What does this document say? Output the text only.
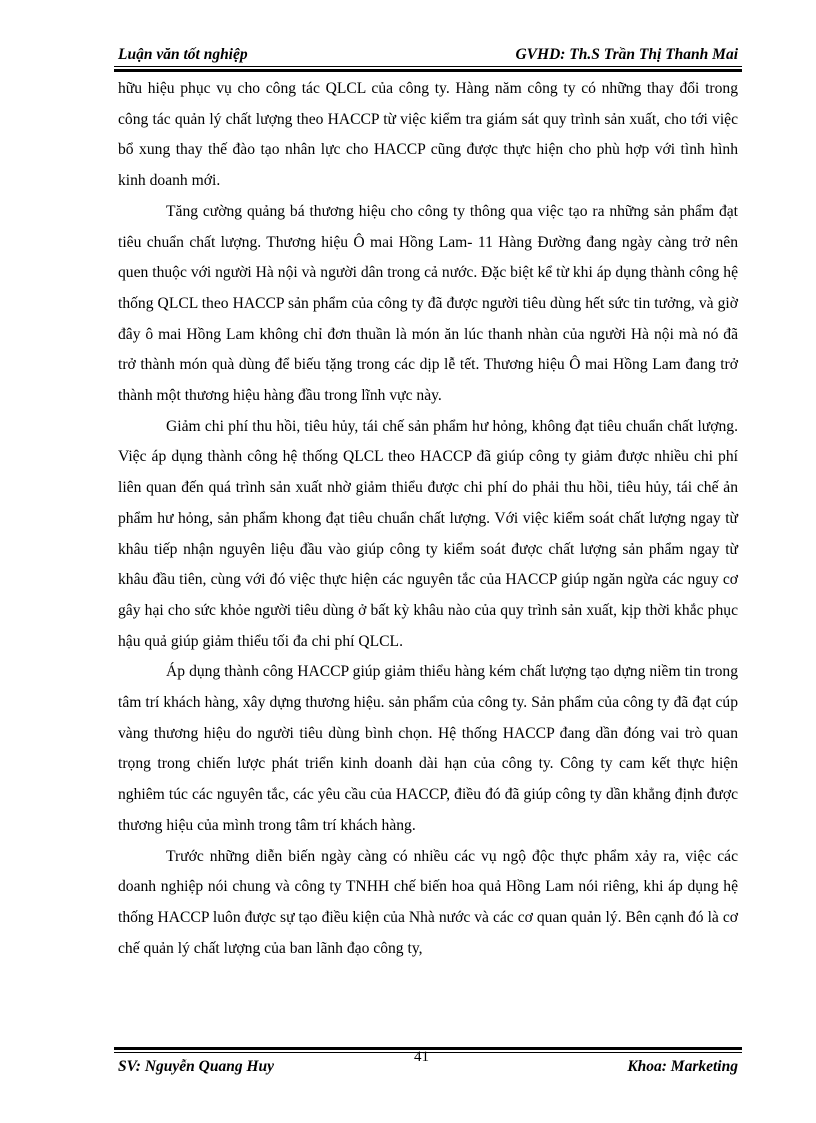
Luận văn tốt nghiệp	GVHD: Th.S Trần Thị Thanh Mai

hữu hiệu phục vụ cho công tác QLCL của công ty. Hàng năm công ty có những thay đổi trong công tác quản lý chất lượng theo HACCP từ việc kiểm tra giám sát quy trình sản xuất, cho tới việc bổ xung thay thế đào tạo nhân lực cho HACCP cũng được thực hiện cho phù hợp với tình hình kinh doanh mới.

Tăng cường quảng bá thương hiệu cho công ty thông qua việc tạo ra những sản phẩm đạt tiêu chuẩn chất lượng. Thương hiệu Ô mai Hồng Lam- 11 Hàng Đường đang ngày càng trở nên quen thuộc với người Hà nội và người dân trong cả nước. Đặc biệt kể từ khi áp dụng thành công hệ thống QLCL theo HACCP sản phẩm của công ty đã được người tiêu dùng hết sức tin tưởng, và giờ đây ô mai Hồng Lam không chỉ đơn thuần là món ăn lúc thanh nhàn của người Hà nội mà nó đã trở thành món quà dùng để biếu tặng trong các dịp lễ tết. Thương hiệu Ô mai Hồng Lam đang trở thành một thương hiệu hàng đầu trong lĩnh vực này.

Giảm chi phí thu hồi, tiêu hủy, tái chế sản phẩm hư hỏng, không đạt tiêu chuẩn chất lượng. Việc áp dụng thành công hệ thống QLCL theo HACCP đã giúp công ty giảm được nhiều chi phí liên quan đến quá trình sản xuất nhờ giảm thiểu được chi phí do phải thu hồi, tiêu hủy, tái chế ản phẩm hư hỏng, sản phẩm khong đạt tiêu chuẩn chất lượng. Với việc kiểm soát chất lượng ngay từ khâu tiếp nhận nguyên liệu đầu vào giúp công ty kiểm soát được chất lượng sản phẩm ngay từ khâu đầu tiên, cùng với đó việc thực hiện các nguyên tắc của HACCP giúp ngăn ngừa các nguy cơ gây hại cho sức khỏe người tiêu dùng ở bất kỳ khâu nào của quy trình sản xuất, kịp thời khắc phục hậu quả giúp giảm thiểu tối đa chi phí QLCL.

Áp dụng thành công HACCP giúp giảm thiểu hàng kém chất lượng tạo dựng niềm tin trong tâm trí khách hàng, xây dựng thương hiệu. sản phẩm của công ty. Sản phẩm của công ty đã đạt cúp vàng thương hiệu do người tiêu dùng bình chọn. Hệ thống HACCP đang dần đóng vai trò quan trọng trong chiến lược phát triển kinh doanh dài hạn của công ty. Công ty cam kết thực hiện nghiêm túc các nguyên tắc, các yêu cầu của HACCP, điều đó đã giúp công ty dần khẳng định được thương hiệu của mình trong tâm trí khách hàng.

Trước những diễn biến ngày càng có nhiều các vụ ngộ độc thực phẩm xảy ra, việc các doanh nghiệp nói chung và công ty TNHH chế biến hoa quả Hồng Lam nói riêng, khi áp dụng hệ thống HACCP luôn được sự tạo điều kiện của Nhà nước và các cơ quan quản lý. Bên cạnh đó là cơ chế quản lý chất lượng của ban lãnh đạo công ty,

41
SV: Nguyễn Quang Huy	Khoa: Marketing
